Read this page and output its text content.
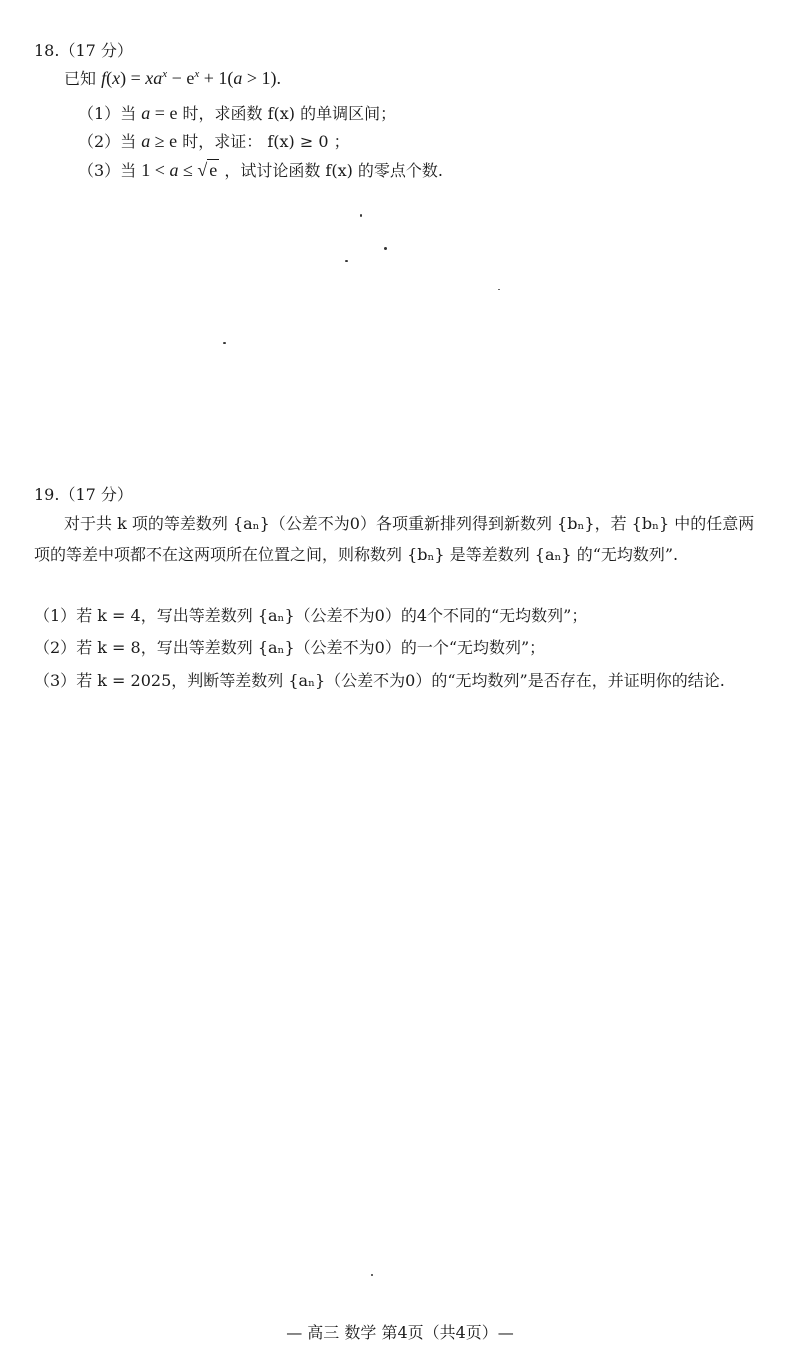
18.（17 分）
已知 $f(x) = xa^x - e^x + 1(a > 1)$.
（1）当 a = e 时，求函数 f(x) 的单调区间；
（2）当 a ≥ e 时，求证： f(x) ≥ 0 ；
（3）当 1 < a ≤ √ e ，试讨论函数 f(x) 的零点个数.
19.（17 分）
对于共 k 项的等差数列 {aₙ}（公差不为0）各项重新排列得到新数列 {bₙ}，若 {bₙ} 中的任意两项的等差中项都不在这两项所在位置之间，则称数列 {bₙ} 是等差数列 {aₙ} 的“无均数列”.
（1）若 k = 4，写出等差数列 {aₙ}（公差不为0）的4个不同的“无均数列”；
（2）若 k = 8，写出等差数列 {aₙ}（公差不为0）的一个“无均数列”；
（3）若 k = 2025，判断等差数列 {aₙ}（公差不为0）的“无均数列”是否存在，并证明你的结论.
— 高三 数学 第4页（共4页）—
